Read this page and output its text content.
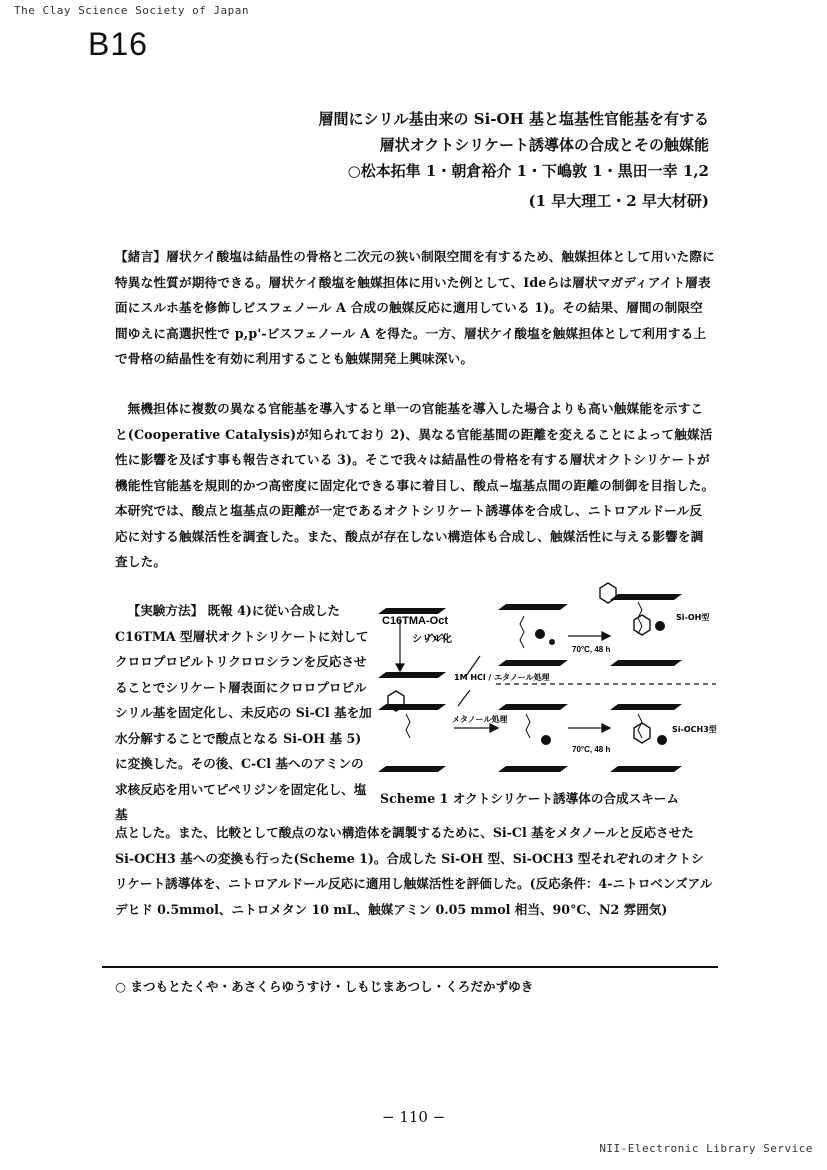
The Clay Science Society of Japan
B16
層間にシリル基由来の Si-OH 基と塩基性官能基を有する
層状オクトシリケート誘導体の合成とその触媒能
○松本拓隼 1・朝倉裕介 1・下嶋敦 1・黒田一幸 1,2
(1 早大理工・2 早大材研)
【緒言】層状ケイ酸塩は結晶性の骨格と二次元の狭い制限空間を有するため、触媒担体として用いた際に特異な性質が期待できる。層状ケイ酸塩を触媒担体に用いた例として、Ideらは層状マガディアイト層表面にスルホ基を修飾しビスフェノール A 合成の触媒反応に適用している 1)。その結果、層間の制限空間ゆえに高選択性で p,p'-ビスフェノール A を得た。一方、層状ケイ酸塩を触媒担体として利用する上で骨格の結晶性を有効に利用することも触媒開発上興味深い。
無機担体に複数の異なる官能基を導入すると単一の官能基を導入した場合よりも高い触媒能を示すこと(Cooperative Catalysis)が知られており 2)、異なる官能基間の距離を変えることによって触媒活性に影響を及ぼす事も報告されている 3)。そこで我々は結晶性の骨格を有する層状オクトシリケートが機能性官能基を規則的かつ高密度に固定化できる事に着目し、酸点−塩基点間の距離の制御を目指した。本研究では、酸点と塩基点の距離が一定であるオクトシリケート誘導体を合成し、ニトロアルドール反応に対する触媒活性を調査した。また、酸点が存在しない構造体も合成し、触媒活性に与える影響を調査した。
【実験方法】 既報 4)に従い合成した C16TMA 型層状オクトシリケートに対してクロロプロピルトリクロロシランを反応させることでシリケート層表面にクロロプロピルシリル基を固定化し、未反応の Si-Cl 基を加水分解することで酸点となる Si-OH 基 5)に変換した。その後、C-Cl 基へのアミンの求核反応を用いてピペリジンを固定化し、塩基
C16TMA-Oct
シリル化
1M HCl / エタノール処理
メタノール処理
70°C, 48 h
70°C, 48 h
Si-OH型
Si-OCH3型
Scheme 1 オクトシリケート誘導体の合成スキーム
点とした。また、比較として酸点のない構造体を調製するために、Si-Cl 基をメタノールと反応させた Si-OCH3 基への変換も行った(Scheme 1)。合成した Si-OH 型、Si-OCH3 型それぞれのオクトシリケート誘導体を、ニトロアルドール反応に適用し触媒活性を評価した。(反応条件：4-ニトロベンズアルデヒド 0.5mmol、ニトロメタン 10 mL、触媒アミン 0.05 mmol 相当、90°C、N2 雰囲気)
○ まつもとたくや・あさくらゆうすけ・しもじまあつし・くろだかずゆき
− 110 −
NII-Electronic Library Service
